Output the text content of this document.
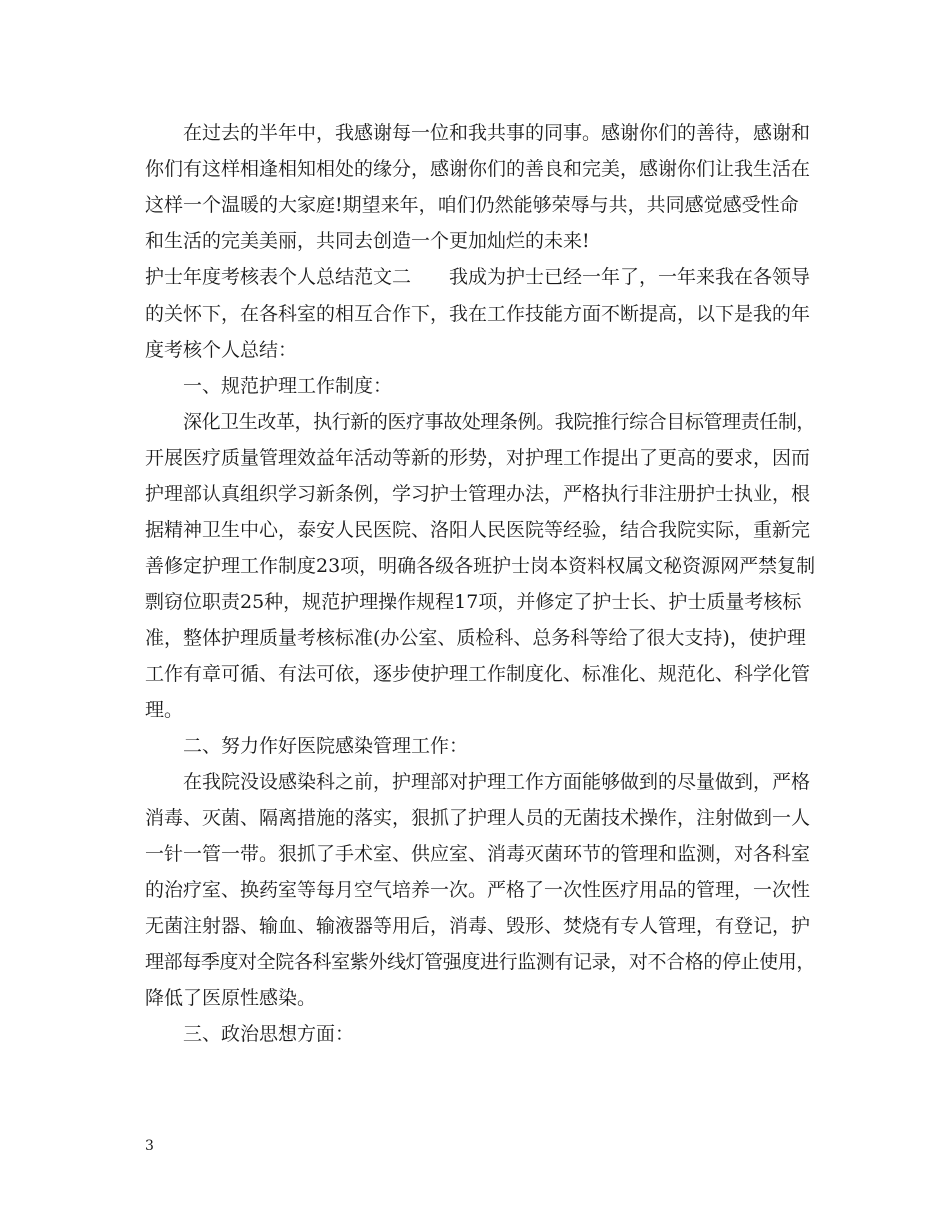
在过去的半年中，我感谢每一位和我共事的同事。感谢你们的善待，感谢和
你们有这样相逢相知相处的缘分，感谢你们的善良和完美，感谢你们让我生活在
这样一个温暖的大家庭!期望来年，咱们仍然能够荣辱与共，共同感觉感受性命
和生活的完美美丽，共同去创造一个更加灿烂的未来!
护士年度考核表个人总结范文二　　我成为护士已经一年了，一年来我在各领导
的关怀下，在各科室的相互合作下，我在工作技能方面不断提高，以下是我的年
度考核个人总结：
一、规范护理工作制度：
深化卫生改革，执行新的医疗事故处理条例。我院推行综合目标管理责任制，
开展医疗质量管理效益年活动等新的形势，对护理工作提出了更高的要求，因而
护理部认真组织学习新条例，学习护士管理办法，严格执行非注册护士执业，根
据精神卫生中心，泰安人民医院、洛阳人民医院等经验，结合我院实际，重新完
善修定护理工作制度23项，明确各级各班护士岗本资料权属文秘资源网严禁复制
剽窃位职责25种，规范护理操作规程17项，并修定了护士长、护士质量考核标
准，整体护理质量考核标准(办公室、质检科、总务科等给了很大支持)，使护理
工作有章可循、有法可依，逐步使护理工作制度化、标准化、规范化、科学化管
理。
二、努力作好医院感染管理工作：
在我院没设感染科之前，护理部对护理工作方面能够做到的尽量做到，严格
消毒、灭菌、隔离措施的落实，狠抓了护理人员的无菌技术操作，注射做到一人
一针一管一带。狠抓了手术室、供应室、消毒灭菌环节的管理和监测，对各科室
的治疗室、换药室等每月空气培养一次。严格了一次性医疗用品的管理，一次性
无菌注射器、输血、输液器等用后，消毒、毁形、焚烧有专人管理，有登记，护
理部每季度对全院各科室紫外线灯管强度进行监测有记录，对不合格的停止使用，
降低了医原性感染。
三、政治思想方面：
3
